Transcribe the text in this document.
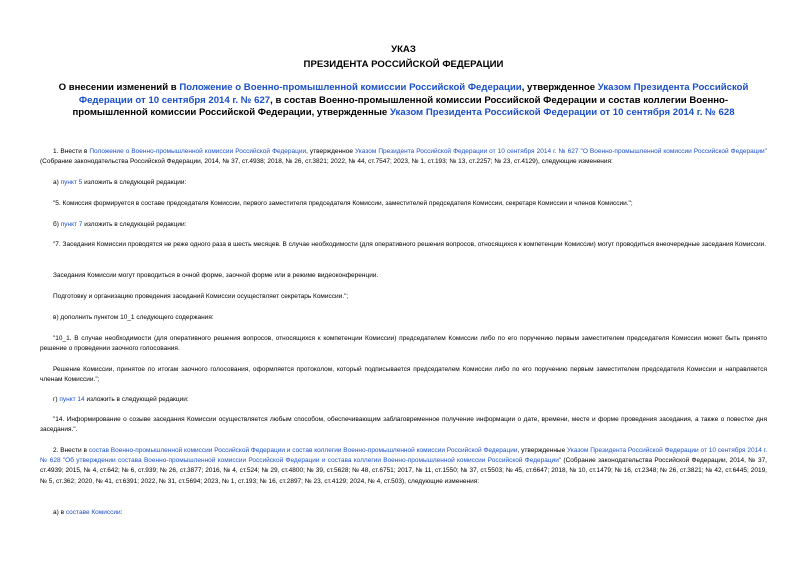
УКАЗ
ПРЕЗИДЕНТА РОССИЙСКОЙ ФЕДЕРАЦИИ
О внесении изменений в Положение о Военно-промышленной комиссии Российской Федерации, утвержденное Указом Президента Российской Федерации от 10 сентября 2014 г. № 627, в состав Военно-промышленной комиссии Российской Федерации и состав коллегии Военно-промышленной комиссии Российской Федерации, утвержденные Указом Президента Российской Федерации от 10 сентября 2014 г. № 628
1. Внести в Положение о Военно-промышленной комиссии Российской Федерации, утвержденное Указом Президента Российской Федерации от 10 сентября 2014 г. № 627 "О Военно-промышленной комиссии Российской Федерации" (Собрание законодательства Российской Федерации, 2014, № 37, ст.4938; 2018, № 26, ст.3821; 2022, № 44, ст.7547; 2023, № 1, ст.193; № 13, ст.2257; № 23, ст.4129), следующие изменения:
а) пункт 5 изложить в следующей редакции:
"5. Комиссия формируется в составе председателя Комиссии, первого заместителя председателя Комиссии, заместителей председателя Комиссии, секретаря Комиссии и членов Комиссии.";
б) пункт 7 изложить в следующей редакции:
"7. Заседания Комиссии проводятся не реже одного раза в шесть месяцев. В случае необходимости (для оперативного решения вопросов, относящихся к компетенции Комиссии) могут проводиться внеочередные заседания Комиссии.
Заседания Комиссии могут проводиться в очной форме, заочной форме или в режиме видеоконференции.
Подготовку и организацию проведения заседаний Комиссии осуществляет секретарь Комиссии.";
в) дополнить пунктом 10_1 следующего содержания:
"10_1. В случае необходимости (для оперативного решения вопросов, относящихся к компетенции Комиссии) председателем Комиссии либо по его поручению первым заместителем председателя Комиссии может быть принято решение о проведении заочного голосования.
Решение Комиссии, принятое по итогам заочного голосования, оформляется протоколом, который подписывается председателем Комиссии либо по его поручению первым заместителем председателя Комиссии и направляется членам Комиссии.";
г) пункт 14 изложить в следующей редакции:
"14. Информирование о созыве заседания Комиссии осуществляется любым способом, обеспечивающим заблаговременное получение информации о дате, времени, месте и форме проведения заседания, а также о повестке дня заседания.".
2. Внести в состав Военно-промышленной комиссии Российской Федерации и состав коллегии Военно-промышленной комиссии Российской Федерации, утвержденные Указом Президента Российской Федерации от 10 сентября 2014 г. № 628 "Об утверждении состава Военно-промышленной комиссии Российской Федерации и состава коллегии Военно-промышленной комиссии Российской Федерации" (Собрание законодательства Российской Федерации, 2014, № 37, ст.4939; 2015, № 4, ст.642; № 6, ст.939; № 26, ст.3877; 2016, № 4, ст.524; № 29, ст.4800; № 39, ст.5628; № 48, ст.6751; 2017, № 11, ст.1550; № 37, ст.5503; № 45, ст.6647; 2018, № 10, ст.1479; № 16, ст.2348; № 26, ст.3821; № 42, ст.6445; 2019, № 5, ст.362; 2020, № 41, ст.6391; 2022, № 31, ст.5694; 2023, № 1, ст.193; № 16, ст.2897; № 23, ст.4129; 2024, № 4, ст.503), следующие изменения:
а) в составе Комиссии:
